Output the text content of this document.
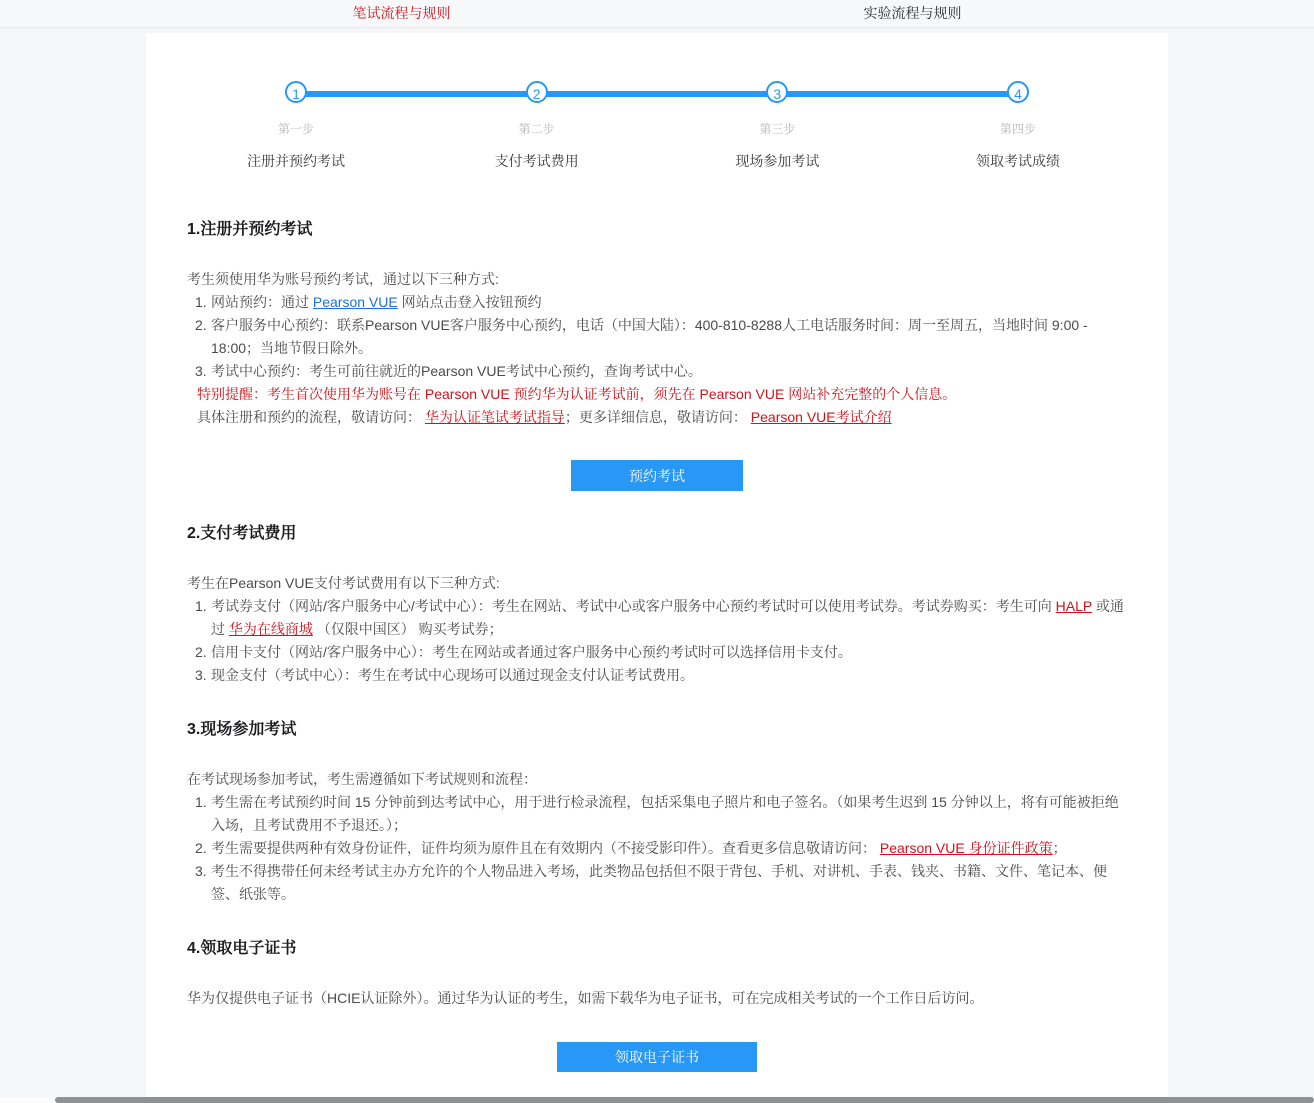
笔试流程与规则	实验流程与规则
1
第一步
注册并预约考试
2
第二步
支付考试费用
3
第三步
现场参加考试
4
第四步
领取考试成绩
1.注册并预约考试

考生须使用华为账号预约考试，通过以下三种方式:

1. 网站预约：通过 Pearson VUE 网站点击登入按钮预约
2. 客户服务中心预约：联系Pearson VUE客户服务中心预约，电话（中国大陆）：400-810-8288人工电话服务时间：周一至周五，当地时间 9:00 - 18:00；当地节假日除外。
3. 考试中心预约：考生可前往就近的Pearson VUE考试中心预约，查询考试中心。

特别提醒：考生首次使用华为账号在 Pearson VUE 预约华为认证考试前，须先在 Pearson VUE 网站补充完整的个人信息。

具体注册和预约的流程，敬请访问： 华为认证笔试考试指导；更多详细信息，敬请访问： Pearson VUE考试介绍

预约考试
2.支付考试费用

考生在Pearson VUE支付考试费用有以下三种方式:

1. 考试券支付（网站/客户服务中心/考试中心）：考生在网站、考试中心或客户服务中心预约考试时可以使用考试券。考试券购买：考生可向 HALP 或通过 华为在线商城 （仅限中国区） 购买考试券；
2. 信用卡支付（网站/客户服务中心）：考生在网站或者通过客户服务中心预约考试时可以选择信用卡支付。
3. 现金支付（考试中心）：考生在考试中心现场可以通过现金支付认证考试费用。
3.现场参加考试

在考试现场参加考试，考生需遵循如下考试规则和流程：

1. 考生需在考试预约时间 15 分钟前到达考试中心，用于进行检录流程，包括采集电子照片和电子签名。（如果考生迟到 15 分钟以上，将有可能被拒绝入场，且考试费用不予退还。）；
2. 考生需要提供两种有效身份证件，证件均须为原件且在有效期内（不接受影印件）。查看更多信息敬请访问： Pearson VUE 身份证件政策；
3. 考生不得携带任何未经考试主办方允许的个人物品进入考场，此类物品包括但不限于背包、手机、对讲机、手表、钱夹、书籍、文件、笔记本、便签、纸张等。
4.领取电子证书

华为仅提供电子证书（HCIE认证除外）。通过华为认证的考生，如需下载华为电子证书，可在完成相关考试的一个工作日后访问。

领取电子证书
